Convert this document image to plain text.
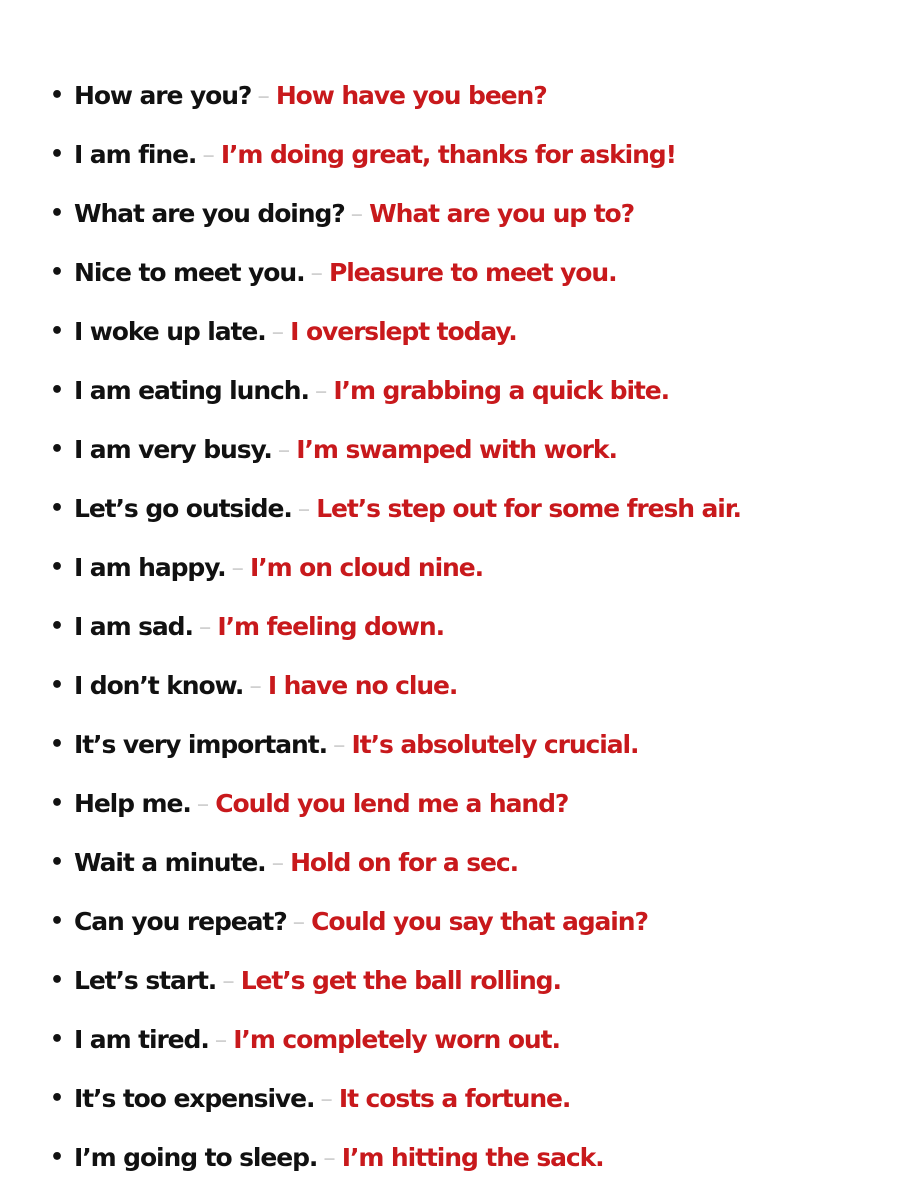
• How are you? – How have you been?
• I am fine. – I’m doing great, thanks for asking!
• What are you doing? – What are you up to?
• Nice to meet you. – Pleasure to meet you.
• I woke up late. – I overslept today.
• I am eating lunch. – I’m grabbing a quick bite.
• I am very busy. – I’m swamped with work.
• Let’s go outside. – Let’s step out for some fresh air.
• I am happy. – I’m on cloud nine.
• I am sad. – I’m feeling down.
• I don’t know. – I have no clue.
• It’s very important. – It’s absolutely crucial.
• Help me. – Could you lend me a hand?
• Wait a minute. – Hold on for a sec.
• Can you repeat? – Could you say that again?
• Let’s start. – Let’s get the ball rolling.
• I am tired. – I’m completely worn out.
• It’s too expensive. – It costs a fortune.
• I’m going to sleep. – I’m hitting the sack.
